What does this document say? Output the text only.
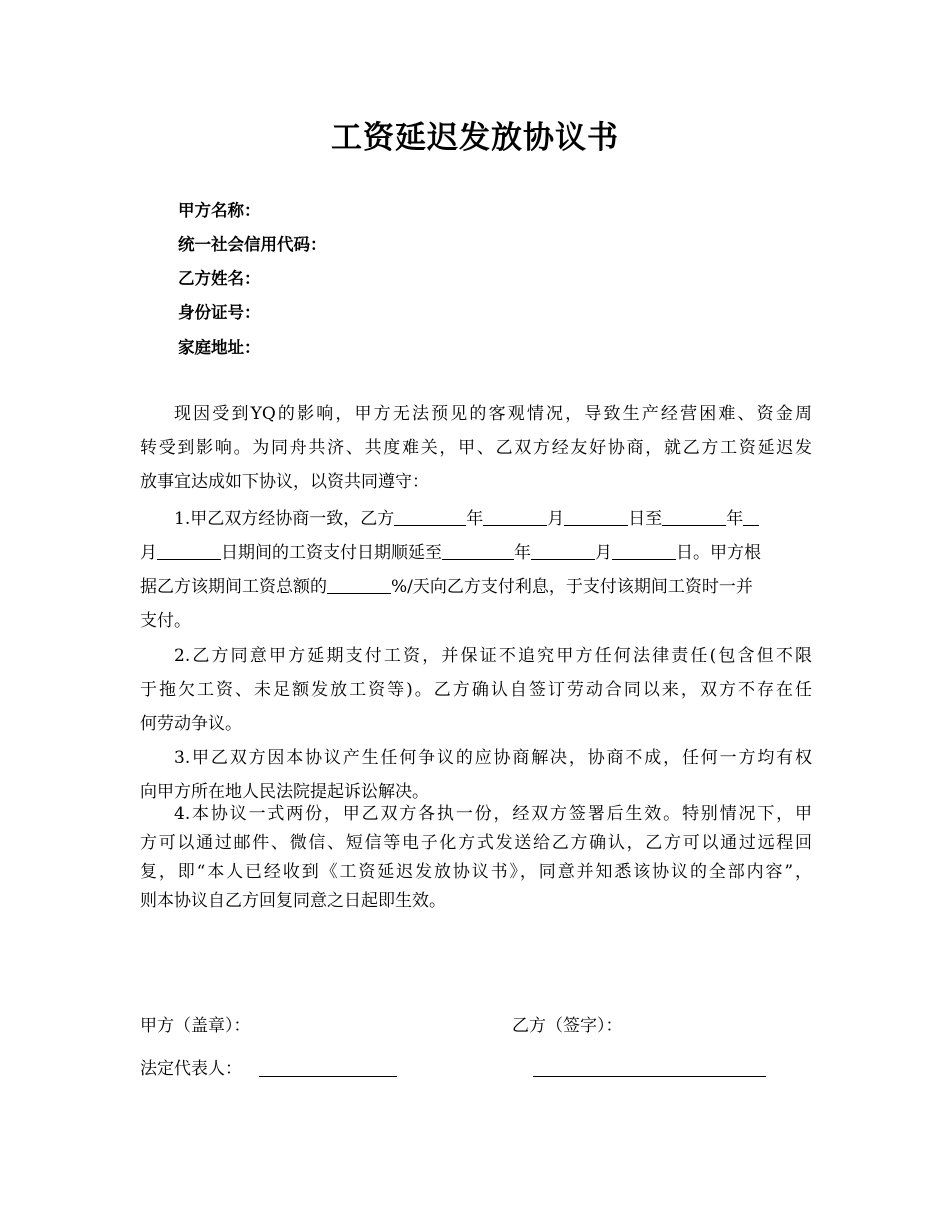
工资延迟发放协议书
甲方名称：
统一社会信用代码：
乙方姓名：
身份证号：
家庭地址：
现因受到YQ的影响，甲方无法预见的客观情况，导致生产经营困难、资金周
转受到影响。为同舟共济、共度难关，甲、乙双方经友好协商，就乙方工资延迟发
放事宜达成如下协议，以资共同遵守：
1.甲乙双方经协商一致，乙方	年	月	日至	年
月	日期间的工资支付日期顺延至	年	月	日。甲方根
据乙方该期间工资总额的	%/天向乙方支付利息，于支付该期间工资时一并
支付。
2.乙方同意甲方延期支付工资，并保证不追究甲方任何法律责任(包含但不限
于拖欠工资、未足额发放工资等)。乙方确认自签订劳动合同以来，双方不存在任
何劳动争议。
3.甲乙双方因本协议产生任何争议的应协商解决，协商不成，任何一方均有权
向甲方所在地人民法院提起诉讼解决。
4.本协议一式两份，甲乙双方各执一份，经双方签署后生效。特别情况下，甲
方可以通过邮件、微信、短信等电子化方式发送给乙方确认，乙方可以通过远程回
复，即“本人已经收到《工资延迟发放协议书》，同意并知悉该协议的全部内容”，
则本协议自乙方回复同意之日起即生效。
甲方（盖章）：	乙方（签字）：
法定代表人：
